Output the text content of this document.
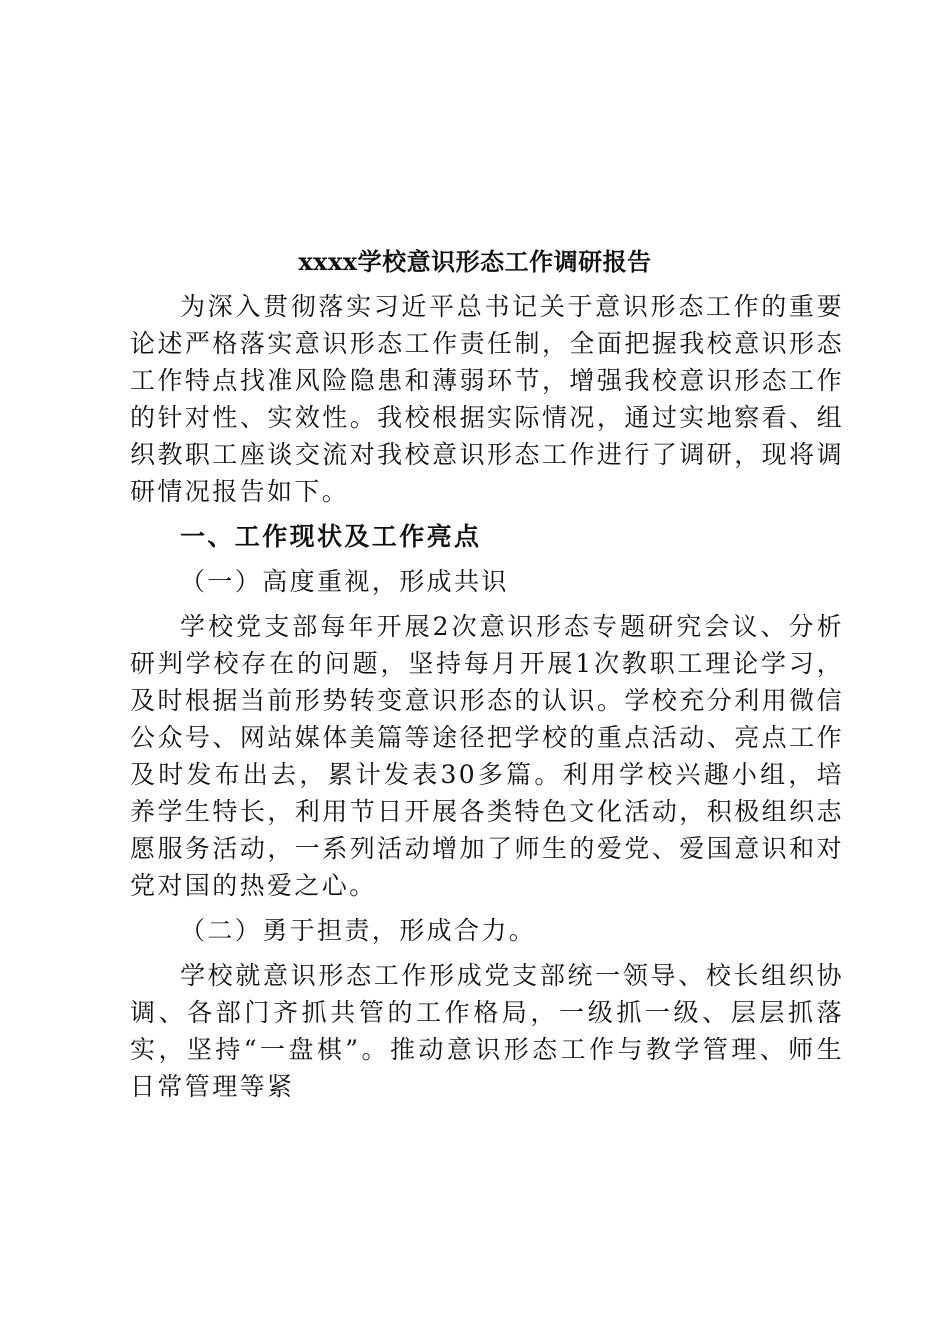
xxxx学校意识形态工作调研报告

为深入贯彻落实习近平总书记关于意识形态工作的重要论述严格落实意识形态工作责任制，全面把握我校意识形态工作特点找准风险隐患和薄弱环节，增强我校意识形态工作的针对性、实效性。我校根据实际情况，通过实地察看、组织教职工座谈交流对我校意识形态工作进行了调研，现将调研情况报告如下。

一、工作现状及工作亮点

（一）高度重视，形成共识

学校党支部每年开展2次意识形态专题研究会议、分析研判学校存在的问题，坚持每月开展1次教职工理论学习，及时根据当前形势转变意识形态的认识。学校充分利用微信公众号、网站媒体美篇等途径把学校的重点活动、亮点工作及时发布出去，累计发表30多篇。利用学校兴趣小组，培养学生特长，利用节日开展各类特色文化活动，积极组织志愿服务活动，一系列活动增加了师生的爱党、爱国意识和对党对国的热爱之心。

（二）勇于担责，形成合力。

学校就意识形态工作形成党支部统一领导、校长组织协调、各部门齐抓共管的工作格局，一级抓一级、层层抓落实，坚持“一盘棋”。推动意识形态工作与教学管理、师生日常管理等紧
